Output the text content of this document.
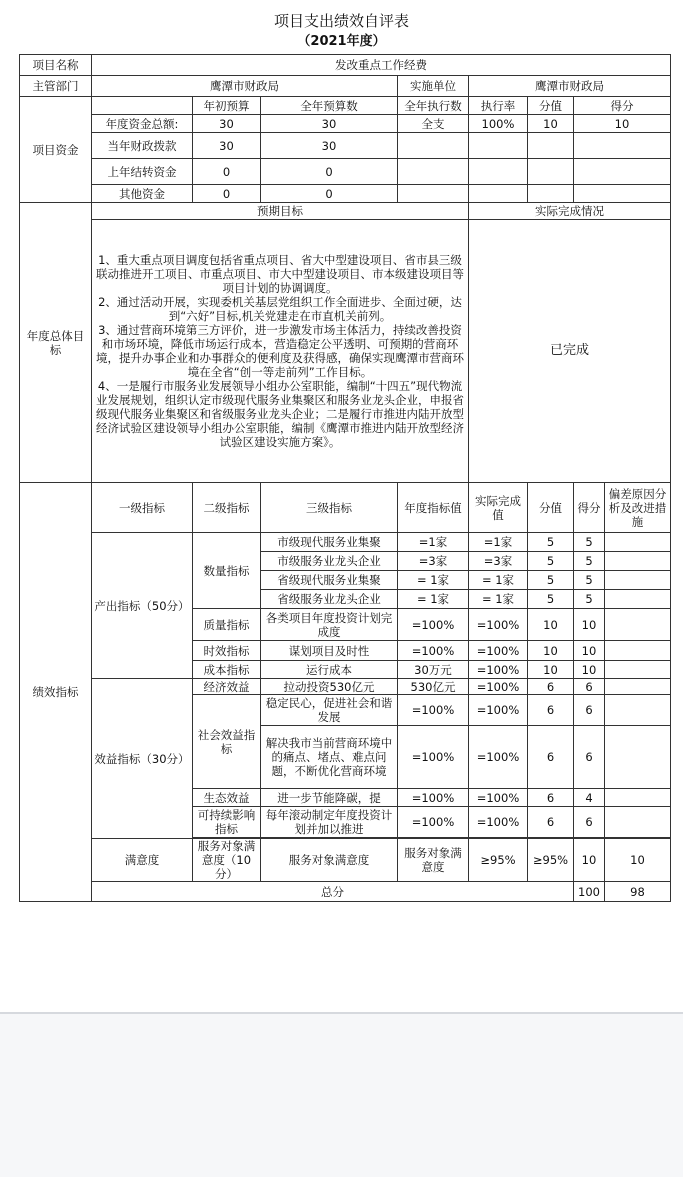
项目支出绩效自评表
（2021年度）
项目名称	发改重点工作经费								
主管部门	鹰潭市财政局			实施单位	鹰潭市财政局				
项目资金		年初预算	全年预算数	全年执行数	执行率	分值	得分		
	年度资金总额:	30	30	全支	100%	10	10		
	当年财政拨款	30	30						
	上年结转资金	0	0						
	其他资金	0	0						
年度总体目标	预期目标				实际完成情况				

	1、重大重点项目调度包括省重点项目、省大中型建设项目、省市县三级联动推进开工项目、市重点项目、市大中型建设项目、市本级建设项目等项目计划的协调调度。

2、通过活动开展，实现委机关基层党组织工作全面进步、全面过硬，达到“六好”目标,机关党建走在市直机关前列。

3、通过营商环境第三方评价，进一步激发市场主体活力，持续改善投资和市场环境，降低市场运行成本，营造稳定公平透明、可预期的营商环境，提升办事企业和办事群众的便利度及获得感，确保实现鹰潭市营商环境在全省“创一等走前列”工作目标。

4、一是履行市服务业发展领导小组办公室职能，编制“十四五”现代物流业发展规划，组织认定市级现代服务业集聚区和服务业龙头企业，申报省级现代服务业集聚区和省级服务业龙头企业；二是履行市推进内陆开放型经济试验区建设领导小组办公室职能，编制《鹰潭市推进内陆开放型经济试验区建设实施方案》。				已完成				
绩效指标	一级指标	二级指标	三级指标	年度指标值	实际完成值	分值	得分	偏差原因分析及改进措施	
	产出指标（50分）	数量指标	市级现代服务业集聚	=1家	=1家	5	5		
			市级服务业龙头企业	=3家	=3家	5	5		
			省级现代服务业集聚	= 1家	= 1家	5	5		
			省级服务业龙头企业	= 1家	= 1家	5	5		
		质量指标	各类项目年度投资计划完成度	=100%	=100%	10	10		
		时效指标	谋划项目及时性	=100%	=100%	10	10		
		成本指标	运行成本	30万元	=100%	10	10		
	效益指标（30分）	经济效益	拉动投资530亿元	530亿元	=100%	6	6		
		社会效益指标	稳定民心，促进社会和谐发展	=100%	=100%	6	6		
			解决我市当前营商环境中的痛点、堵点、难点问题，不断优化营商环境	=100%	=100%	6	6		
		生态效益	进一步节能降碳，提	=100%	=100%	6	4		
		可持续影响指标	每年滚动制定年度投资计划并加以推进	=100%	=100%	6	6		

	满意度	服务对象满意度（10分）	服务对象满意度	服务对象满意度	≥95%	≥95%	10	10	
	总分						100	98	
